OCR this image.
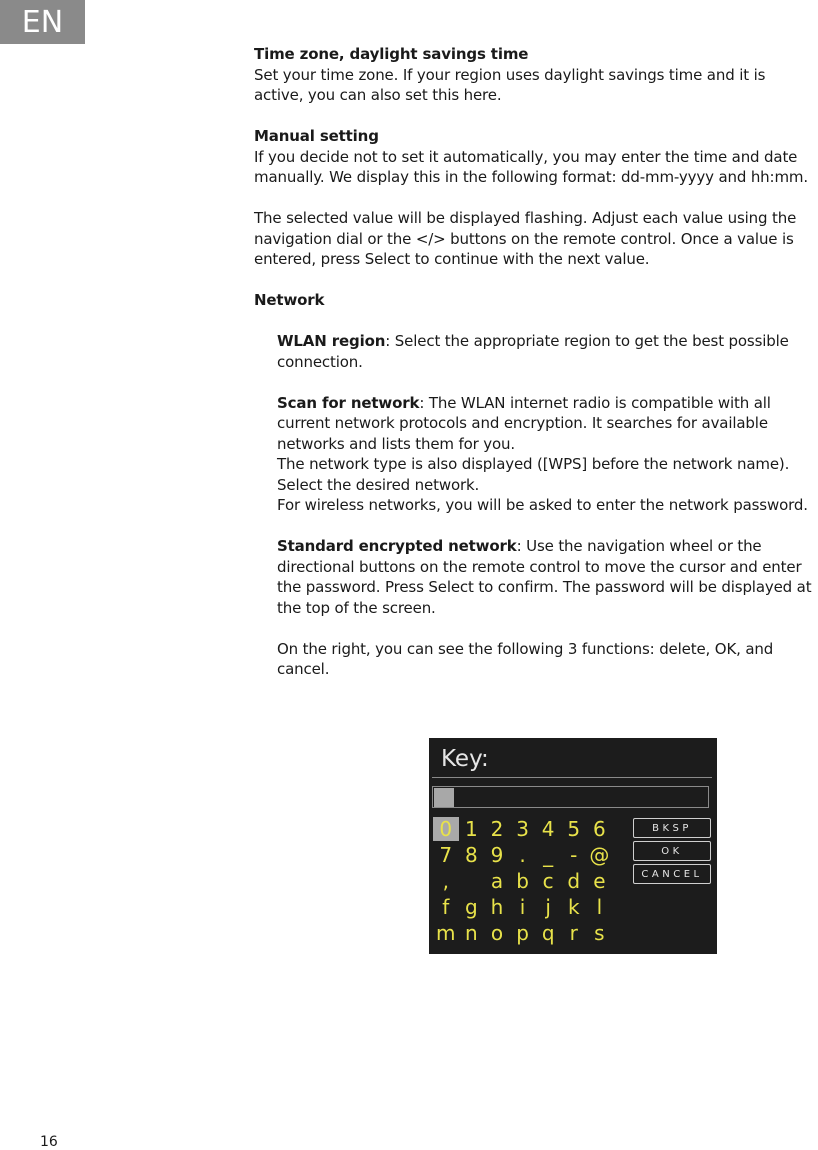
EN

Time zone, daylight savings time

Set your time zone. If your region uses daylight savings time and it is active, you can also set this here.

Manual setting

If you decide not to set it automatically, you may enter the time and date manually. We display this in the following format: dd-mm-yyyy and hh:mm.

The selected value will be displayed flashing. Adjust each value using the navigation dial or the </> buttons on the remote control. Once a value is entered, press Select to continue with the next value.

Network

WLAN region: Select the appropriate region to get the best possible connection.

Scan for network: The WLAN internet radio is compatible with all current network protocols and encryption. It searches for available networks and lists them for you.

The network type is also displayed ([WPS] before the network name).

Select the desired network.

For wireless networks, you will be asked to enter the network password.

Standard encrypted network: Use the navigation wheel or the directional buttons on the remote control to move the cursor and enter the password. Press Select to confirm. The password will be displayed at the top of the screen.

On the right, you can see the following 3 functions: delete, OK, and cancel.

Key:
0 1 2 3 4 5 6
7 8 9 . _ - @
,	a b c d e
f g h i	j k l
m n o p q r s
BKSP
OK
CANCEL
16
